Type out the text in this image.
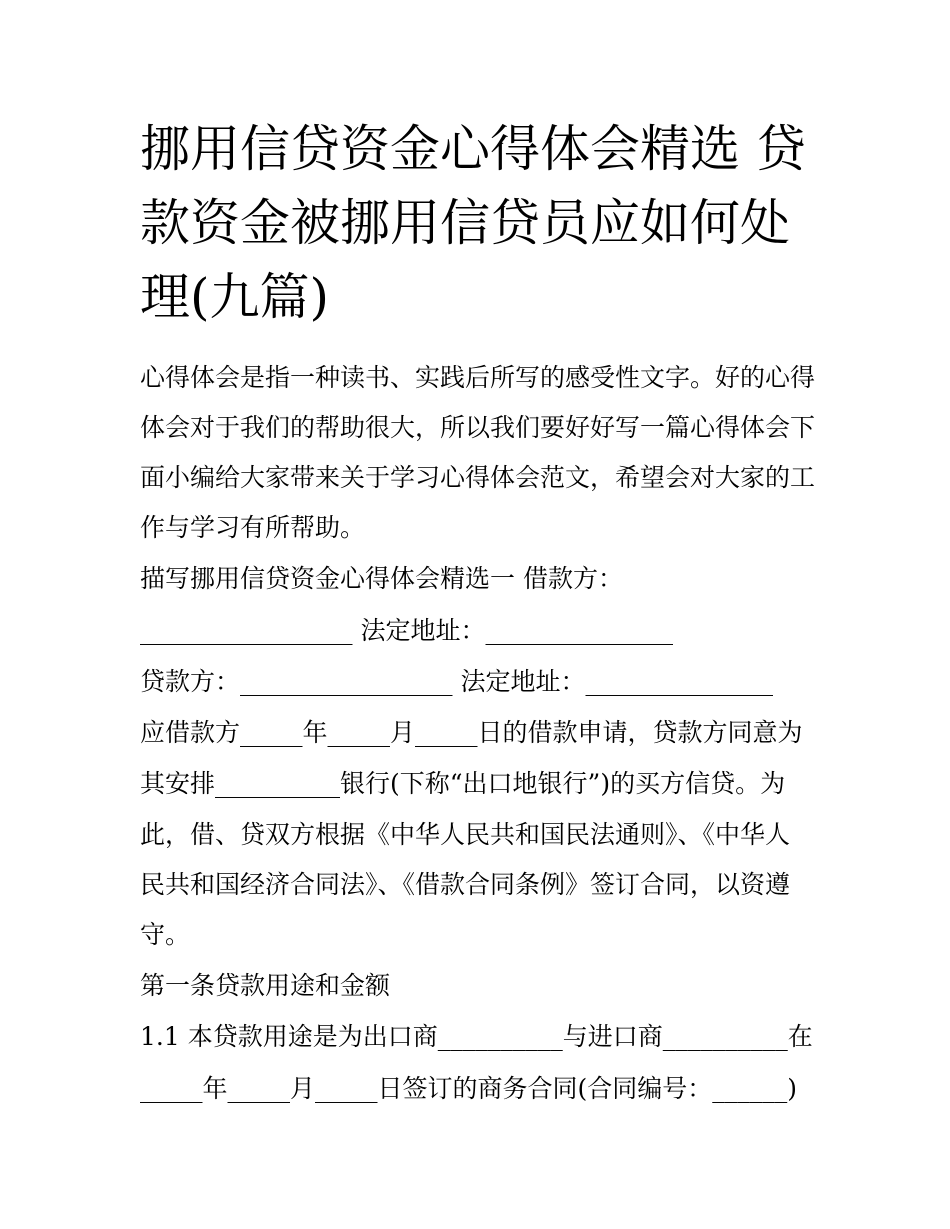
挪用信贷资金心得体会精选 贷
款资金被挪用信贷员应如何处
理(九篇)
心得体会是指一种读书、实践后所写的感受性文字。好的心得
体会对于我们的帮助很大，所以我们要好好写一篇心得体会下
面小编给大家带来关于学习心得体会范文，希望会对大家的工
作与学习有所帮助。
描写挪用信贷资金心得体会精选一 借款方：
_________________ 法定地址：_______________
贷款方：_________________ 法定地址：_______________
应借款方_____年_____月_____日的借款申请，贷款方同意为
其安排__________银行(下称“出口地银行”)的买方信贷。为
此，借、贷双方根据《中华人民共和国民法通则》、《中华人
民共和国经济合同法》、《借款合同条例》签订合同，以资遵
守。
第一条贷款用途和金额
1.1 本贷款用途是为出口商__________与进口商__________在
_____年_____月_____日签订的商务合同(合同编号：______)
